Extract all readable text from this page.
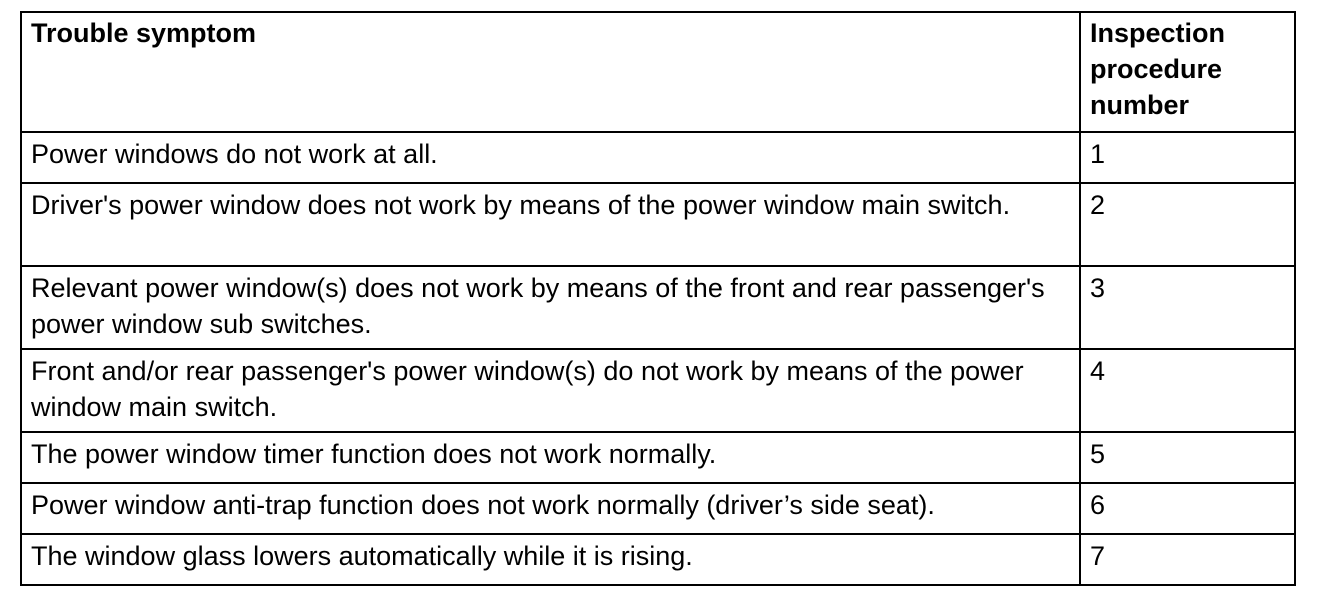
Trouble symptom	Inspection procedure number
Power windows do not work at all.	1
Driver's power window does not work by means of the power window main switch.	2
Relevant power window(s) does not work by means of the front and rear passenger's power window sub switches.	3
Front and/or rear passenger's power window(s) do not work by means of the power window main switch.	4
The power window timer function does not work normally.	5
Power window anti-trap function does not work normally (driver’s side seat).	6
The window glass lowers automatically while it is rising.	7
